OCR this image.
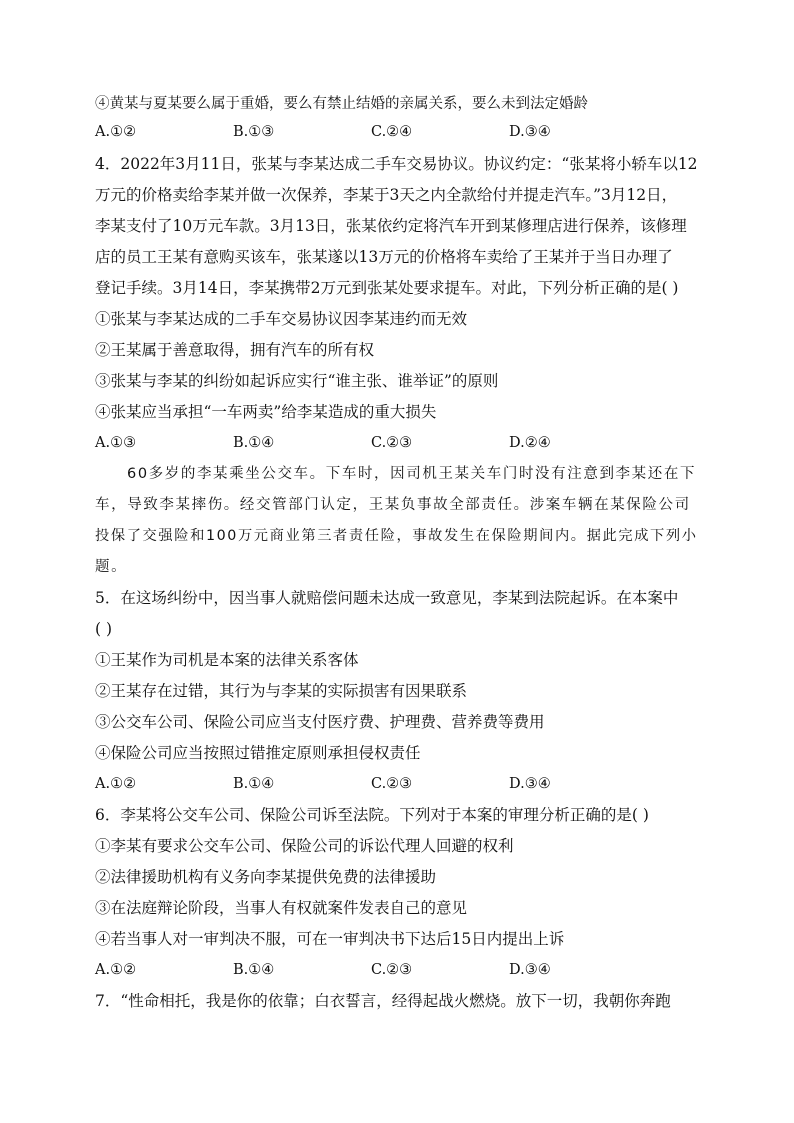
④黄某与夏某要么属于重婚，要么有禁止结婚的亲属关系，要么未到法定婚龄
A.①②	B.①③	C.②④	D.③④
4．2022年3月11日，张某与李某达成二手车交易协议。协议约定：“张某将小轿车以12
万元的价格卖给李某并做一次保养，李某于3天之内全款给付并提走汽车。”3月12日，
李某支付了10万元车款。3月13日，张某依约定将汽车开到某修理店进行保养，该修理
店的员工王某有意购买该车，张某遂以13万元的价格将车卖给了王某并于当日办理了
登记手续。3月14日，李某携带2万元到张某处要求提车。对此，下列分析正确的是( )
①张某与李某达成的二手车交易协议因李某违约而无效
②王某属于善意取得，拥有汽车的所有权
③张某与李某的纠纷如起诉应实行“谁主张、谁举证”的原则
④张某应当承担“一车两卖”给李某造成的重大损失
A.①③	B.①④	C.②③	D.②④
60多岁的李某乘坐公交车。下车时，因司机王某关车门时没有注意到李某还在下
车，导致李某摔伤。经交管部门认定，王某负事故全部责任。涉案车辆在某保险公司
投保了交强险和100万元商业第三者责任险，事故发生在保险期间内。据此完成下列小
题。
5．在这场纠纷中，因当事人就赔偿问题未达成一致意见，李某到法院起诉。在本案中
( )
①王某作为司机是本案的法律关系客体
②王某存在过错，其行为与李某的实际损害有因果联系
③公交车公司、保险公司应当支付医疗费、护理费、营养费等费用
④保险公司应当按照过错推定原则承担侵权责任
A.①②	B.①④	C.②③	D.③④
6．李某将公交车公司、保险公司诉至法院。下列对于本案的审理分析正确的是( )
①李某有要求公交车公司、保险公司的诉讼代理人回避的权利
②法律援助机构有义务向李某提供免费的法律援助
③在法庭辩论阶段，当事人有权就案件发表自己的意见
④若当事人对一审判决不服，可在一审判决书下达后15日内提出上诉
A.①②	B.①④	C.②③	D.③④
7．“性命相托，我是你的依靠；白衣誓言，经得起战火燃烧。放下一切，我朝你奔跑
